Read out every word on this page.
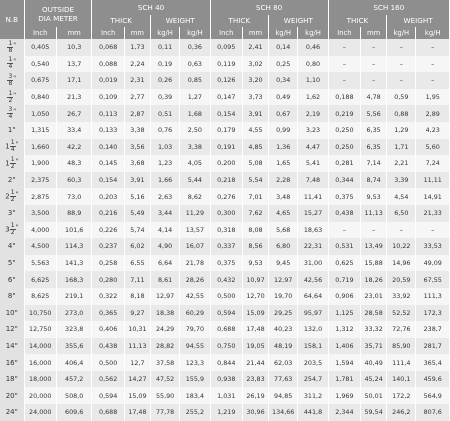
N.B	OUTSIDE
DIA METER		SCH 40				SCH 80				SCH 160			
			THICK		WEIGHT		THICK		WEIGHT		THICK		WEIGHT	
	Inch	mm	Inch	mm	kg/H	kg/H	Inch	mm	kg/H	kg/H	Inch	mm	kg/H	kg/H

$\frac{1}{8}$ "	0,405	10,3	0,068	1,73	0,11	0,36	0,095	2,41	0,14	0,46	–	–	–	–

$\frac{1}{4}$ "	0,540	13,7	0,088	2,24	0,19	0,63	0,119	3,02	0,25	0,80	–	–	–	–

$\frac{3}{8}$ "	0,675	17,1	0,019	2,31	0,26	0,85	0,126	3,20	0,34	1,10	–	–	–	–

$\frac{1}{2}$ "	0,840	21,3	0,109	2,77	0,39	1,27	0,147	3,73	0,49	1,62	0,188	4,78	0,59	1,95

$\frac{3}{4}$ "	1,050	26,7	0,113	2,87	0,51	1,68	0,154	3,91	0,67	2,19	0,219	5,56	0,88	2,89
1"	1,315	33,4	0,133	3,38	0,76	2,50	0,179	4,55	0,99	3,23	0,250	6,35	1,29	4,23
$1 \frac{1}{4}$ "	1,660	42,2	0,140	3,56	1,03	3,38	0,191	4,85	1,36	4,47	0,250	6,35	1,71	5,60
$1 \frac{1}{2}$ "	1,900	48,3	0,145	3,68	1,23	4,05	0,200	5,08	1,65	5,41	0,281	7,14	2,21	7,24
2"	2,375	60,3	0,154	3,91	1,66	5,44	0,218	5,54	2,28	7,48	0,344	8,74	3,39	11,11
$2 \frac{1}{2}$ "	2,875	73,0	0,203	5,16	2,63	8,62	0,276	7,01	3,48	11,41	0,375	9,53	4,54	14,91
3"	3,500	88,9	0,216	5,49	3,44	11,29	0,300	7,62	4,65	15,27	0,438	11,13	6,50	21,33
$3 \frac{1}{2}$ "	4,000	101,6	0,226	5,74	4,14	13,57	0,318	8,08	5,68	18,63	–	–	–	–
4"	4,500	114,3	0,237	6,02	4,90	16,07	0,337	8,56	6,80	22,31	0,531	13,49	10,22	33,53
5"	5,563	141,3	0,258	6,55	6,64	21,78	0,375	9,53	9,45	31,00	0,625	15,88	14,96	49,09
6"	6,625	168,3	0,280	7,11	8,61	28,26	0,432	10,97	12,97	42,56	0,719	18,26	20,59	67,55
8"	8,625	219,1	0,322	8,18	12,97	42,55	0,500	12,70	19,70	64,64	0,906	23,01	33,92	111,3
10"	10,750	273,0	0,365	9,27	18,38	60,29	0,594	15,09	29,25	95,97	1,125	28,58	52,52	172,3
12"	12,750	323,8	0,406	10,31	24,29	79,70	0,688	17,48	40,23	132,0	1,312	33,32	72,76	238,7
14"	14,000	355,6	0,438	11,13	28,82	94,55	0,750	19,05	48,19	158,1	1,406	35,71	85,90	281,7
16"	16,000	406,4	0,500	12,7	37,58	123,3	0,844	21,44	62,03	203,5	1,594	40,49	111,4	365,4
18"	18,000	457,2	0,562	14,27	47,52	155,9	0,938	23,83	77,63	254,7	1,781	45,24	140,1	459,6
20"	20,000	508,0	0,594	15,09	55,90	183,4	1,031	26,19	94,85	311,2	1,969	50,01	172,2	564,9
24"	24,000	609,6	0,688	17,48	77,78	255,2	1,219	30,96	134,66	441,8	2,344	59,54	246,2	807,6
